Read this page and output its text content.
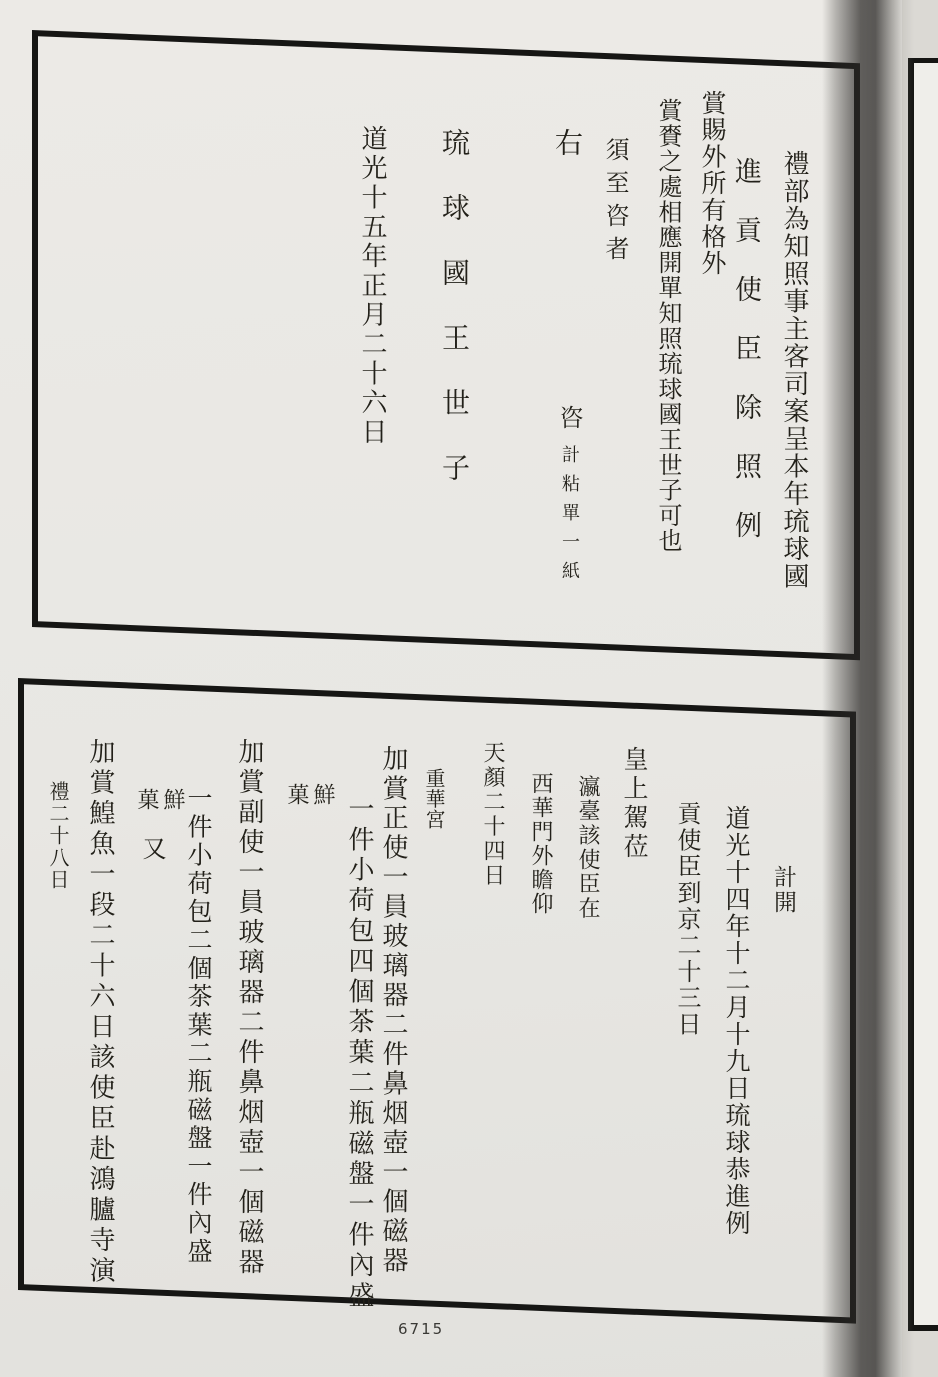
禮部為知照事主客司案呈本年琉球國
進貢使臣除照例
賞賜外所有格外
賞賚之處相應開單知照琉球國王世子可也
須至咨者
右
咨計粘單一紙
琉球國王世子
道光十五年正月二十六日
計開
道光十四年十二月十九日琉球恭進例
貢使臣到京二十三日
皇上駕莅
瀛臺該使臣在
西華門外瞻仰
天顏二十四日
重華宮
加賞正使一員玻璃器二件鼻烟壺一個磁器
一件小荷包四個茶葉二瓶磁盤一件內盛
鮮菓
加賞副使一員玻璃器二件鼻烟壺一個磁器
一件小荷包二個茶葉二瓶磁盤一件內盛
鮮菓
又
加賞鰉魚一段二十六日該使臣赴鴻臚寺演
禮二十八日
6715
